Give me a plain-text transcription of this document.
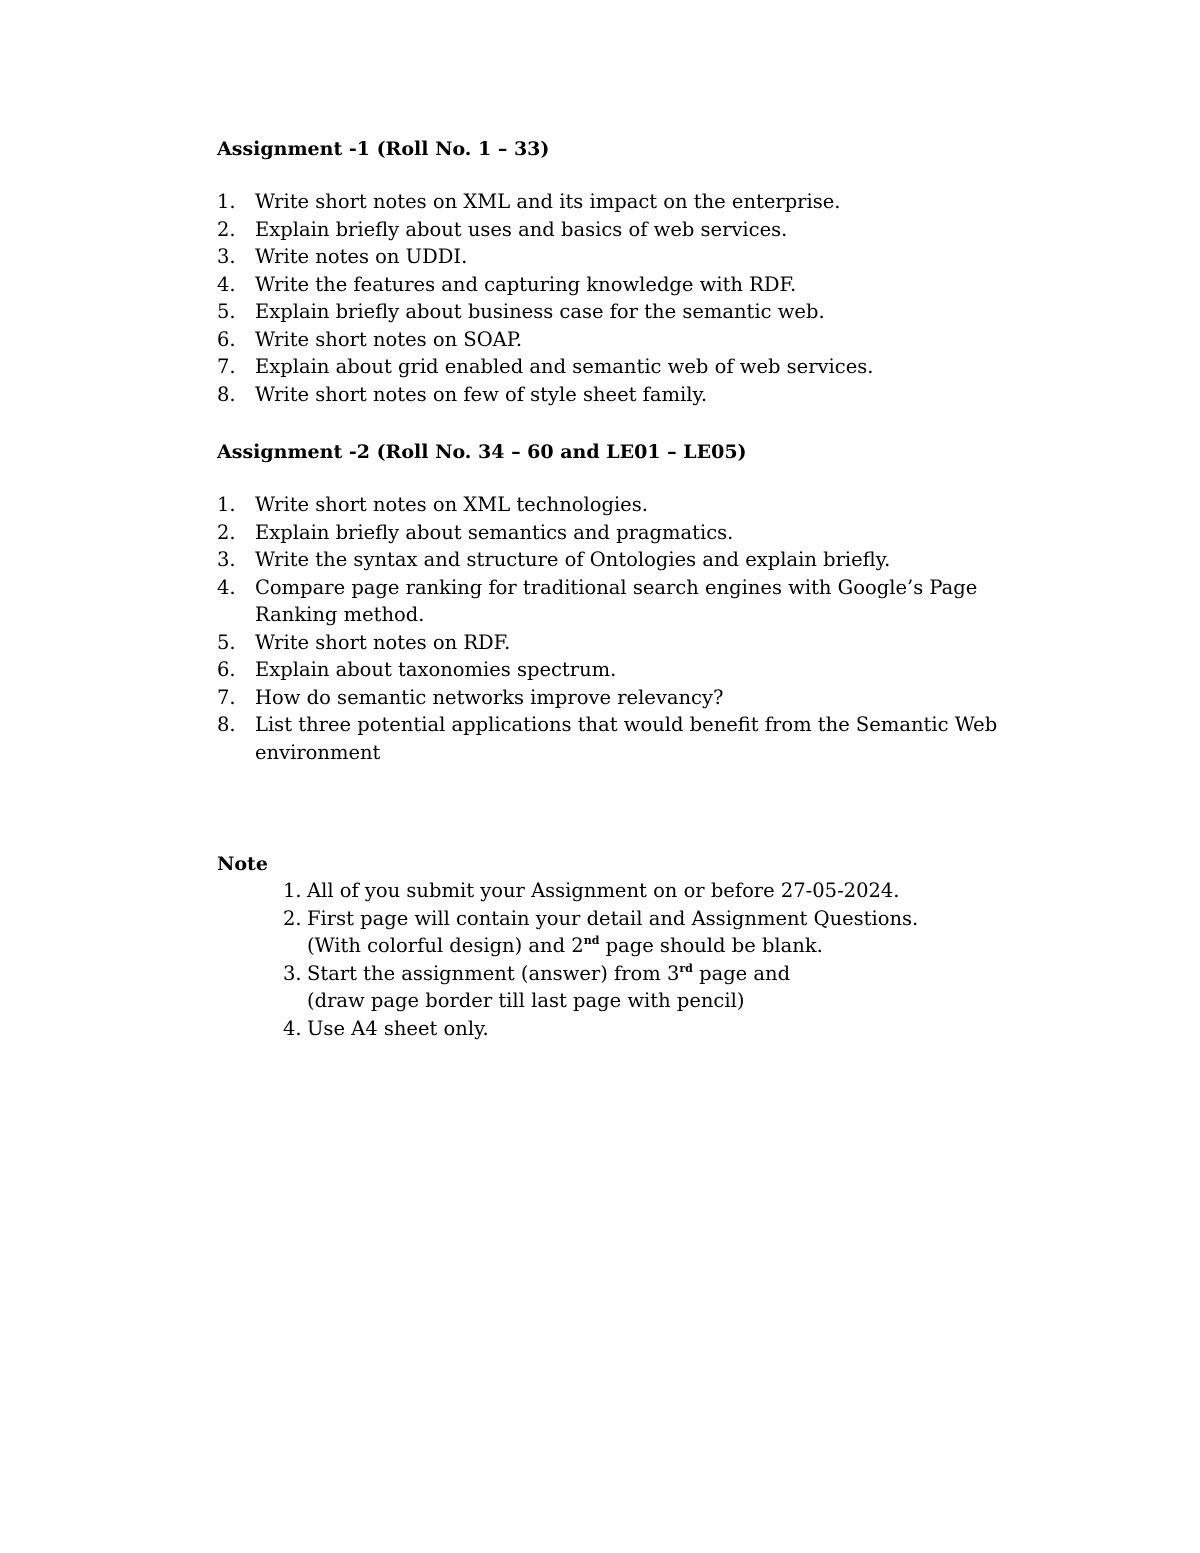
Assignment -1 (Roll No. 1 – 33)
1. Write short notes on XML and its impact on the enterprise.
2. Explain briefly about uses and basics of web services.
3. Write notes on UDDI.
4. Write the features and capturing knowledge with RDF.
5. Explain briefly about business case for the semantic web.
6. Write short notes on SOAP.
7. Explain about grid enabled and semantic web of web services.
8. Write short notes on few of style sheet family.
Assignment -2 (Roll No. 34 – 60 and LE01 – LE05)
1. Write short notes on XML technologies.
2. Explain briefly about semantics and pragmatics.
3. Write the syntax and structure of Ontologies and explain briefly.
4. Compare page ranking for traditional search engines with Google’s Page Ranking method.
5. Write short notes on RDF.
6. Explain about taxonomies spectrum.
7. How do semantic networks improve relevancy?
8. List three potential applications that would benefit from the Semantic Web environment
Note
1. All of you submit your Assignment on or before 27-05-2024.
2. First page will contain your detail and Assignment Questions.
(With colorful design) and 2nd page should be blank.
3. Start the assignment (answer) from 3rd page and
(draw page border till last page with pencil)
4. Use A4 sheet only.
